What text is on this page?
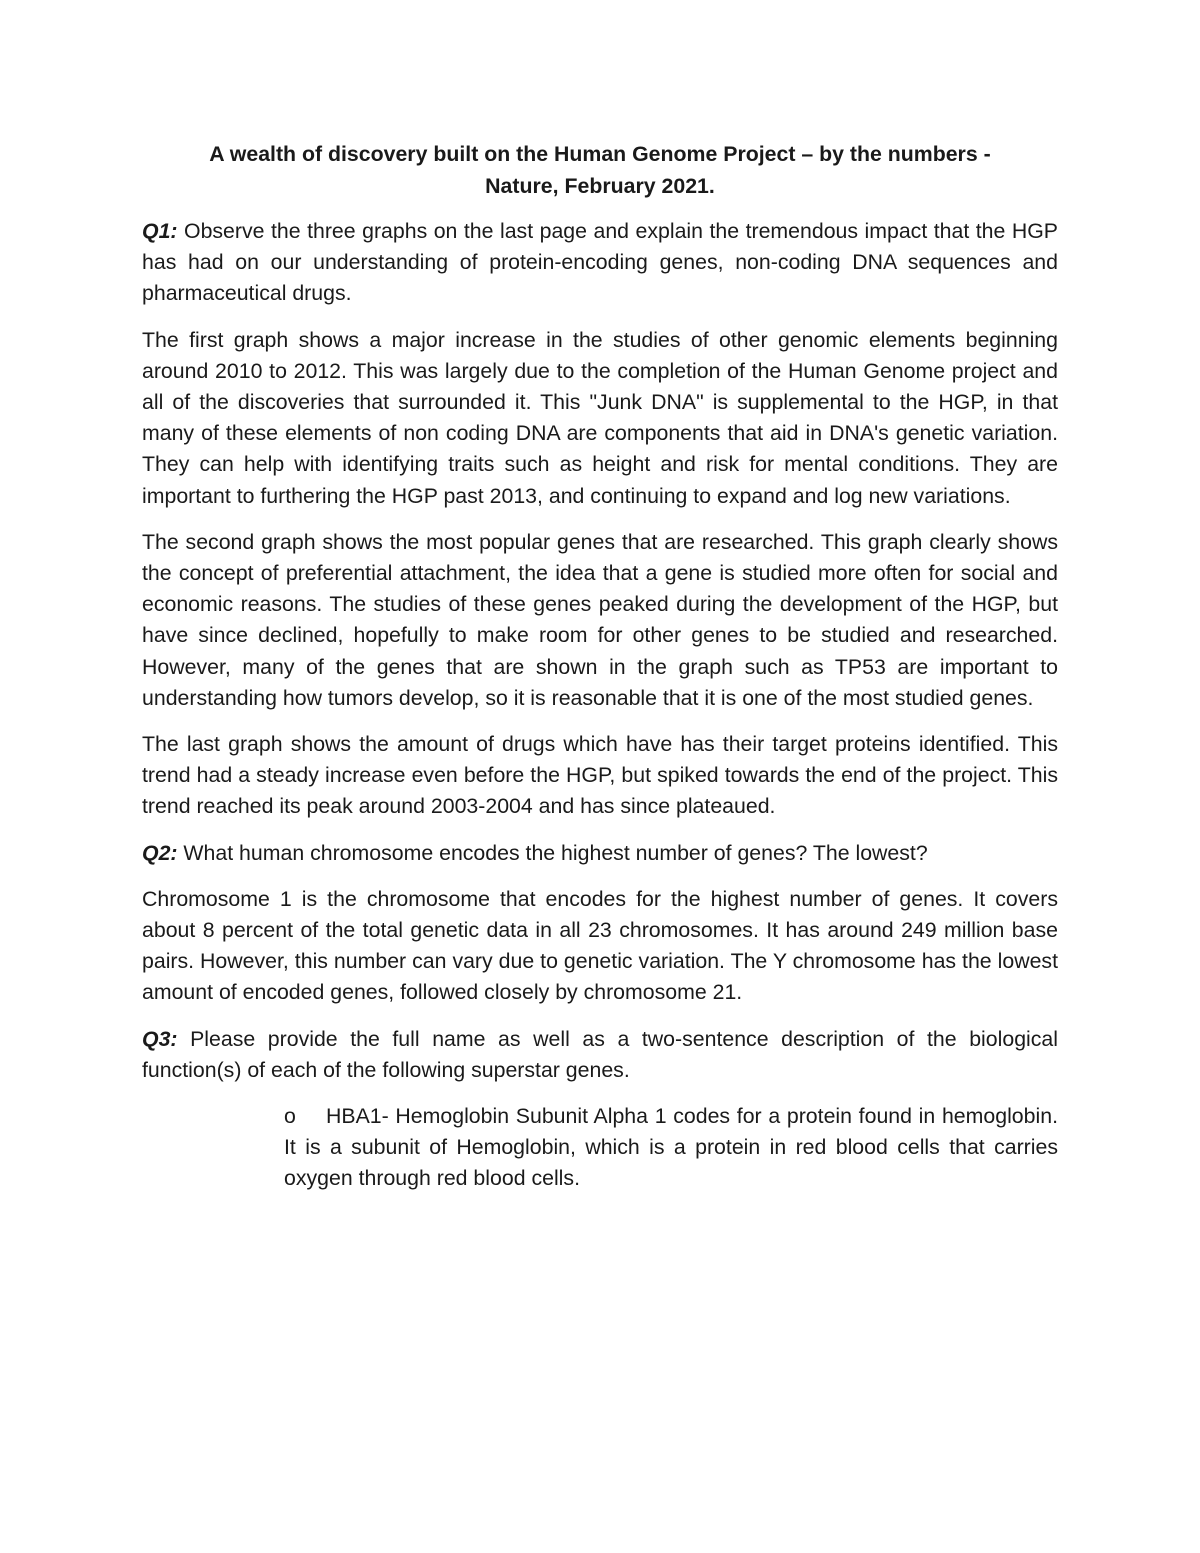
A wealth of discovery built on the Human Genome Project – by the numbers -
Nature, February 2021.

Q1: Observe the three graphs on the last page and explain the tremendous impact that the HGP has had on our understanding of protein-encoding genes, non-coding DNA sequences and pharmaceutical drugs.

The first graph shows a major increase in the studies of other genomic elements beginning around 2010 to 2012. This was largely due to the completion of the Human Genome project and all of the discoveries that surrounded it. This "Junk DNA" is supplemental to the HGP, in that many of these elements of non coding DNA are components that aid in DNA's genetic variation. They can help with identifying traits such as height and risk for mental conditions. They are important to furthering the HGP past 2013, and continuing to expand and log new variations.

The second graph shows the most popular genes that are researched. This graph clearly shows the concept of preferential attachment, the idea that a gene is studied more often for social and economic reasons. The studies of these genes peaked during the development of the HGP, but have since declined, hopefully to make room for other genes to be studied and researched. However, many of the genes that are shown in the graph such as TP53 are important to understanding how tumors develop, so it is reasonable that it is one of the most studied genes.

The last graph shows the amount of drugs which have has their target proteins identified. This trend had a steady increase even before the HGP, but spiked towards the end of the project. This trend reached its peak around 2003-2004 and has since plateaued.

Q2: What human chromosome encodes the highest number of genes? The lowest?

Chromosome 1 is the chromosome that encodes for the highest number of genes. It covers about 8 percent of the total genetic data in all 23 chromosomes. It has around 249 million base pairs. However, this number can vary due to genetic variation. The Y chromosome has the lowest amount of encoded genes, followed closely by chromosome 21.

Q3: Please provide the full name as well as a two-sentence description of the biological function(s) of each of the following superstar genes.

o HBA1- Hemoglobin Subunit Alpha 1 codes for a protein found in hemoglobin. It is a subunit of Hemoglobin, which is a protein in red blood cells that carries oxygen through red blood cells.
